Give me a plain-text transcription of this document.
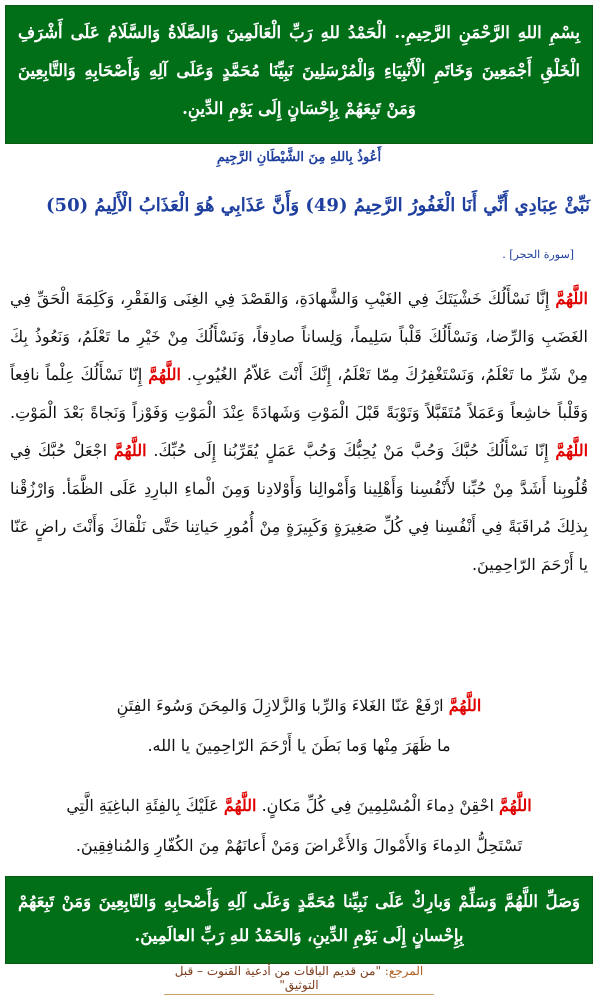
بِسْمِ اللهِ الرَّحْمَنِ الرَّحِيمِ.. الْحَمْدُ للهِ رَبِّ الْعَالَمِينَ وَالصَّلَاةُ وَالسَّلَامُ عَلَى أَشْرَفِ الْخَلْقِ أَجْمَعِينَ وَخَاتَمِ الْأَنْبِيَاءِ وَالْمُرْسَلِينَ نَبِيِّنَا مُحَمَّدٍ وَعَلَى آلِهِ وَأَصْحَابِهِ وَالتَّابِعِينَ وَمَنْ تَبِعَهُمْ بِإِحْسَانٍ إِلَى يَوْمِ الدِّينِ.
أَعُوذُ بِاللهِ مِنَ الشَّيْطَانِ الرَّجِيمِ
نَبِّئْ عِبَادِي أَنِّي أَنَا الْغَفُورُ الرَّحِيمُ (49) وَأَنَّ عَذَابِي هُوَ الْعَذَابُ الْأَلِيمُ (50)
[سورة الحجر] .
اللَّهُمَّ إِنَّا نَسْأَلُكَ خَشْيَتَكَ فِي الغَيْبِ وَالشَّهادَةِ، وَالقَصْدَ فِي الغِنَى وَالفَقْرِ، وَكَلِمَةَ الْحَقِّ فِي الغَضَبِ وَالرِّضا، وَنَسْأَلُكَ قَلْباً سَلِيماً، وَلِساناً صادِقاً، وَنَسْأَلُكَ مِنْ خَيْرِ ما تَعْلَمُ، وَنَعُوذُ بِكَ مِنْ شَرِّ ما تَعْلَمُ، وَنَسْتَغْفِرُكَ مِمّا تَعْلَمُ، إِنَّكَ أَنْتَ عَلاّمُ الغُيُوبِ. اللَّهُمَّ إِنّا نَسْأَلُكَ عِلْماً نافِعاً وَقَلْباً خاشِعاً وَعَمَلاً مُتَقَبَّلاً وَتَوْبَةً قَبْلَ الْمَوْتِ وَشَهادَةً عِنْدَ الْمَوْتِ وَفَوْزاً وَنَجاةً بَعْدَ الْمَوْتِ. اللَّهُمَّ إِنّا نَسْأَلُكَ حُبَّكَ وَحُبَّ مَنْ يُحِبُّكَ وَحُبَّ عَمَلٍ يُقَرِّبُنا إِلَى حُبِّكَ. اللَّهُمَّ اجْعَلْ حُبَّكَ فِي قُلُوبِنا أَشَدَّ مِنْ حُبِّنا لأَنْفُسِنا وَأَهْلِينا وَأَمْوالِنا وَأَوْلادِنا وَمِنَ الْماءِ البارِدِ عَلَى الظَّمَأ. وَارْزُقْنا بِذلِكَ مُراقَبَةً فِي أَنْفُسِنا فِي كُلِّ صَغِيرَةٍ وَكَبِيرَةٍ مِنْ أُمُورِ حَياتِنا حَتَّى نَلْقاكَ وَأَنْتَ راضٍ عَنّا يا أَرْحَمَ الرّاحِمِينَ.
اللَّهُمَّ ارْفَعْ عَنّا الغَلاءَ وَالرِّبا وَالزَّلازِلَ وَالمِحَنَ وَسُوءَ الفِتَنِ
ما ظَهَرَ مِنْها وَما بَطَنَ يا أَرْحَمَ الرّاحِمِينَ يا الله.
اللَّهُمَّ احْقِنْ دِماءَ الْمُسْلِمِينَ فِي كُلِّ مَكانٍ. اللَّهُمَّ عَلَيْكَ بِالفِئَةِ الباغِيَةِ الَّتِي
تَسْتَحِلُّ الدِماءَ وَالأَمْوالَ وَالأَعْراضَ وَمَنْ أَعانَهُمْ مِنَ الكُفّارِ وَالمُنافِقِينَ.
وَصَلِّ اللَّهُمَّ وَسَلِّمْ وَبارِكْ عَلَى نَبِيِّنا مُحَمَّدٍ وَعَلَى آلِهِ وَأَصْحابِهِ وَالتّابِعِينَ وَمَنْ تَبِعَهُمْ بِإِحْسانٍ إِلَى يَوْمِ الدِّينِ، وَالحَمْدُ للهِ رَبِّ العالَمِينَ.
المرجع: "من قديم الباقات من أدعية القنوت – قبل التوثيق"
